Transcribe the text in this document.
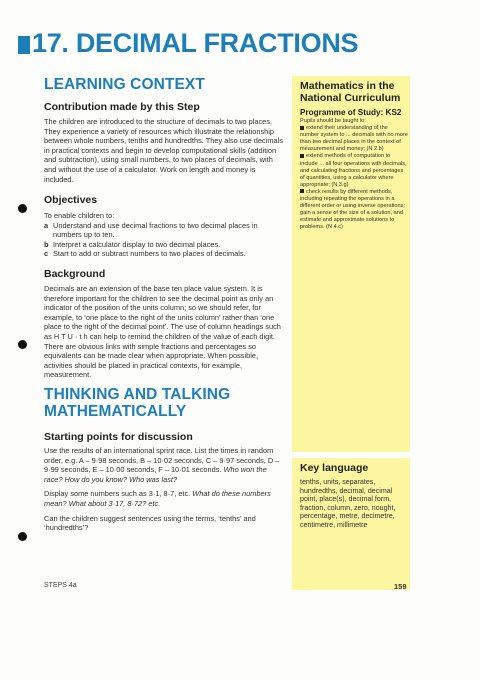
17. DECIMAL FRACTIONS
LEARNING CONTEXT
Contribution made by this Step

The children are introduced to the structure of decimals to two places. They experience a variety of resources which illustrate the relationship between whole numbers, tenths and hundredths. They also use decimals in practical contexts and begin to develop computational skills (addition and subtraction), using small numbers, to two places of decimals, with and without the use of a calculator. Work on length and money is included.

Objectives
To enable children to:
a Understand and use decimal fractions to two decimal places in numbers up to ten.
b Interpret a calculator display to two decimal places.
c Start to add or subtract numbers to two places of decimals.
Background

Decimals are an extension of the base ten place value system. It is therefore important for the children to see the decimal point as only an indicator of the position of the units column; so we should refer, for example, to ‘one place to the right of the units column’ rather than ‘one place to the right of the decimal point’. The use of column headings such as H T U · t h can help to remind the children of the value of each digit. There are obvious links with simple fractions and percentages so equivalents can be made clear when appropriate. When possible, activities should be placed in practical contexts, for example, measurement.

THINKING AND TALKING
MATHEMATICALLY
Starting points for discussion

Use the results of an international sprint race. List the times in random order, e.g. A – 9·98 seconds, B – 10·02 seconds, C – 9·97 seconds, D – 9·99 seconds, E – 10·00 seconds, F – 10·01 seconds. Who won the race? How do you know? Who was last?

Display some numbers such as 3·1, 8·7, etc. What do these numbers mean? What about 3·17, 8·72? etc.

Can the children suggest sentences using the terms, ‘tenths’ and ‘hundredths’?

Mathematics in the National Curriculum
Programme of Study: KS2

Pupils should be taught to:

extend their understanding of the number system to ... decimals with no more than two decimal places in the context of measurement and money; (N 2.b)

extend methods of computation to include ... all four operations with decimals, and calculating fractions and percentages of quantities, using a calculator where appropriate; (N 3.g)

check results by different methods, including repeating the operations in a different order or using inverse operations; gain a sense of the size of a solution, and estimate and approximate solutions to problems. (N 4.c)

Key language
tenths, units, separates, hundredths, decimal, decimal point, place(s), decimal form, fraction, column, zero, nought, percentage, metre, decimetre, centimetre, millimetre
STEPS 4a	159
